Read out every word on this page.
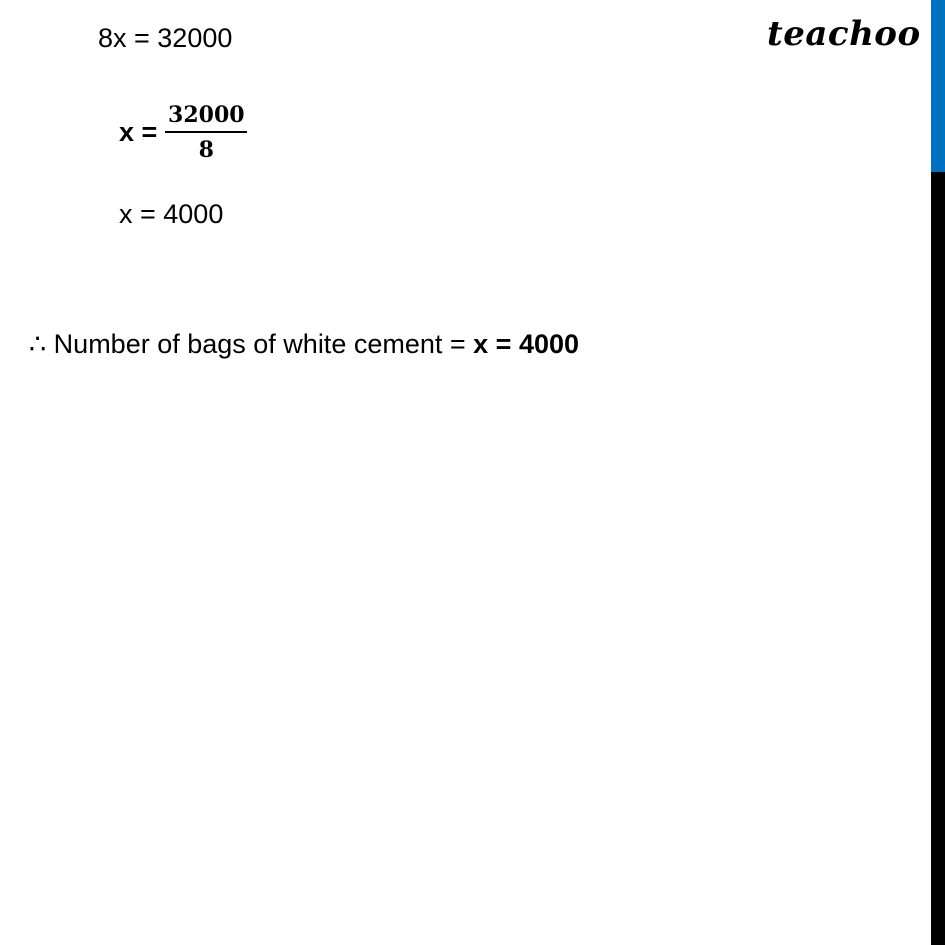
teachoo
8x = 32000
$x = \frac{32000}{8}$
x = 4000
∴ Number of bags of white cement = x = 4000
